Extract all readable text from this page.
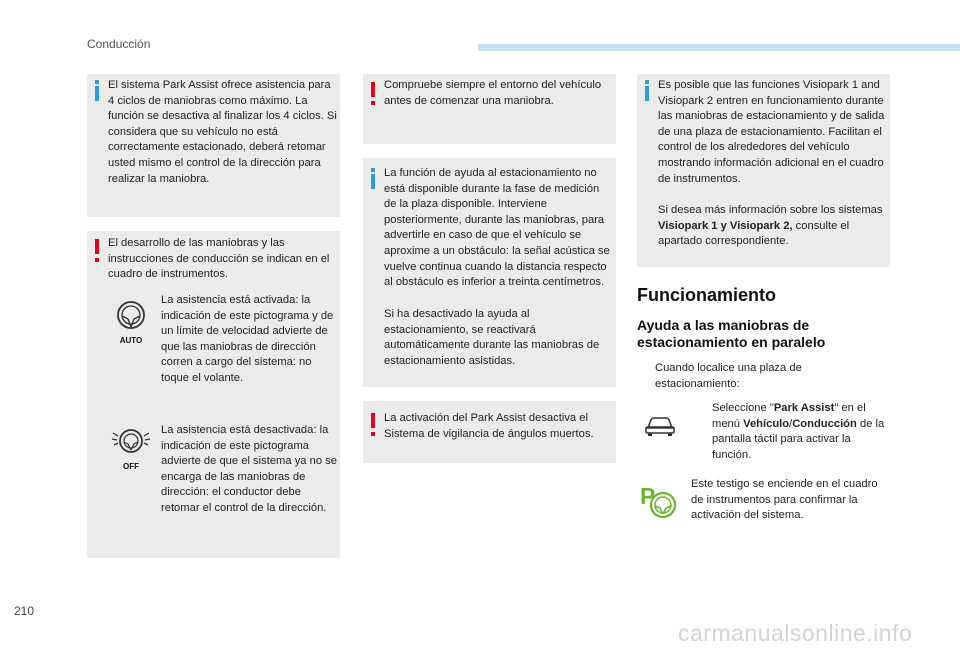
Conducción
El sistema Park Assist ofrece asistencia para 4 ciclos de maniobras como máximo. La función se desactiva al finalizar los 4 ciclos. Si considera que su vehículo no está correctamente estacionado, deberá retomar usted mismo el control de la dirección para realizar la maniobra.
El desarrollo de las maniobras y las instrucciones de conducción se indican en el cuadro de instrumentos.
AUTO
La asistencia está activada: la indicación de este pictograma y de un límite de velocidad advierte de que las maniobras de dirección corren a cargo del sistema: no toque el volante.
OFF
La asistencia está desactivada: la indicación de este pictograma advierte de que el sistema ya no se encarga de las maniobras de dirección: el conductor debe retomar el control de la dirección.
Compruebe siempre el entorno del vehículo antes de comenzar una maniobra.
La función de ayuda al estacionamiento no está disponible durante la fase de medición de la plaza disponible. Interviene posteriormente, durante las maniobras, para advertirle en caso de que el vehículo se aproxime a un obstáculo: la señal acústica se vuelve continua cuando la distancia respecto al obstáculo es inferior a treinta centímetros.
Si ha desactivado la ayuda al estacionamiento, se reactivará automáticamente durante las maniobras de estacionamiento asistidas.
La activación del Park Assist desactiva el Sistema de vigilancia de ángulos muertos.
Es posible que las funciones Visiopark 1 and Visiopark 2 entren en funcionamiento durante las maniobras de estacionamiento y de salida de una plaza de estacionamiento. Facilitan el control de los alrededores del vehículo mostrando información adicional en el cuadro de instrumentos.
Si desea más información sobre los sistemas Visiopark 1 y Visiopark 2, consulte el apartado correspondiente.
Funcionamiento
Ayuda a las maniobras de
estacionamiento en paralelo
Cuando localice una plaza de estacionamiento:
Seleccione "Park Assist" en el menú Vehículo/Conducción de la pantalla táctil para activar la función.
P	Este testigo se enciende en el cuadro de instrumentos para confirmar la activación del sistema.
210
carmanualsonline.info
